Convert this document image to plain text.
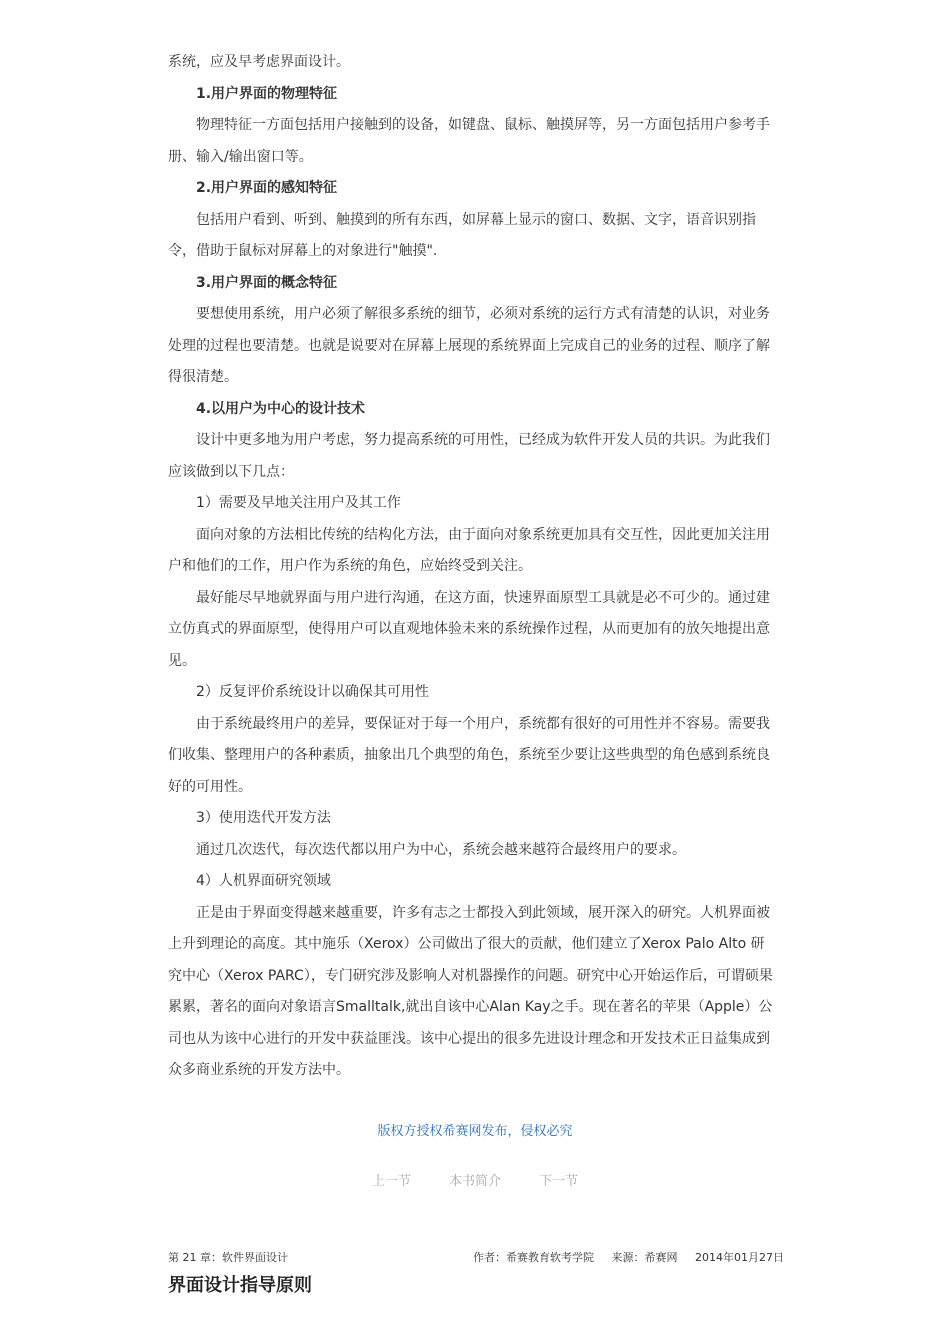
系统，应及早考虑界面设计。

1.用户界面的物理特征

物理特征一方面包括用户接触到的设备，如键盘、鼠标、触摸屏等，另一方面包括用户参考手册、输入/输出窗口等。

2.用户界面的感知特征

包括用户看到、听到、触摸到的所有东西，如屏幕上显示的窗口、数据、文字，语音识别指令，借助于鼠标对屏幕上的对象进行"触摸".

3.用户界面的概念特征

要想使用系统，用户必须了解很多系统的细节，必须对系统的运行方式有清楚的认识，对业务处理的过程也要清楚。也就是说要对在屏幕上展现的系统界面上完成自己的业务的过程、顺序了解得很清楚。

4.以用户为中心的设计技术

设计中更多地为用户考虑，努力提高系统的可用性，已经成为软件开发人员的共识。为此我们应该做到以下几点：

1）需要及早地关注用户及其工作

面向对象的方法相比传统的结构化方法，由于面向对象系统更加具有交互性，因此更加关注用户和他们的工作，用户作为系统的角色，应始终受到关注。

最好能尽早地就界面与用户进行沟通，在这方面，快速界面原型工具就是必不可少的。通过建立仿真式的界面原型，使得用户可以直观地体验未来的系统操作过程，从而更加有的放矢地提出意见。

2）反复评价系统设计以确保其可用性

由于系统最终用户的差异，要保证对于每一个用户，系统都有很好的可用性并不容易。需要我们收集、整理用户的各种素质，抽象出几个典型的角色，系统至少要让这些典型的角色感到系统良好的可用性。

3）使用迭代开发方法

通过几次迭代，每次迭代都以用户为中心，系统会越来越符合最终用户的要求。

4）人机界面研究领域

正是由于界面变得越来越重要，许多有志之士都投入到此领域，展开深入的研究。人机界面被上升到理论的高度。其中施乐（Xerox）公司做出了很大的贡献，他们建立了Xerox Palo Alto 研究中心（Xerox PARC），专门研究涉及影响人对机器操作的问题。研究中心开始运作后，可谓硕果累累，著名的面向对象语言Smalltalk,就出自该中心Alan Kay之手。现在著名的苹果（Apple）公司也从为该中心进行的开发中获益匪浅。该中心提出的很多先进设计理念和开发技术正日益集成到众多商业系统的开发方法中。

版权方授权希赛网发布，侵权必究
上一节	本书简介	下一节
第 21 章：软件界面设计	作者：希赛教育软考学院 来源：希赛网 2014年01月27日
界面设计指导原则
